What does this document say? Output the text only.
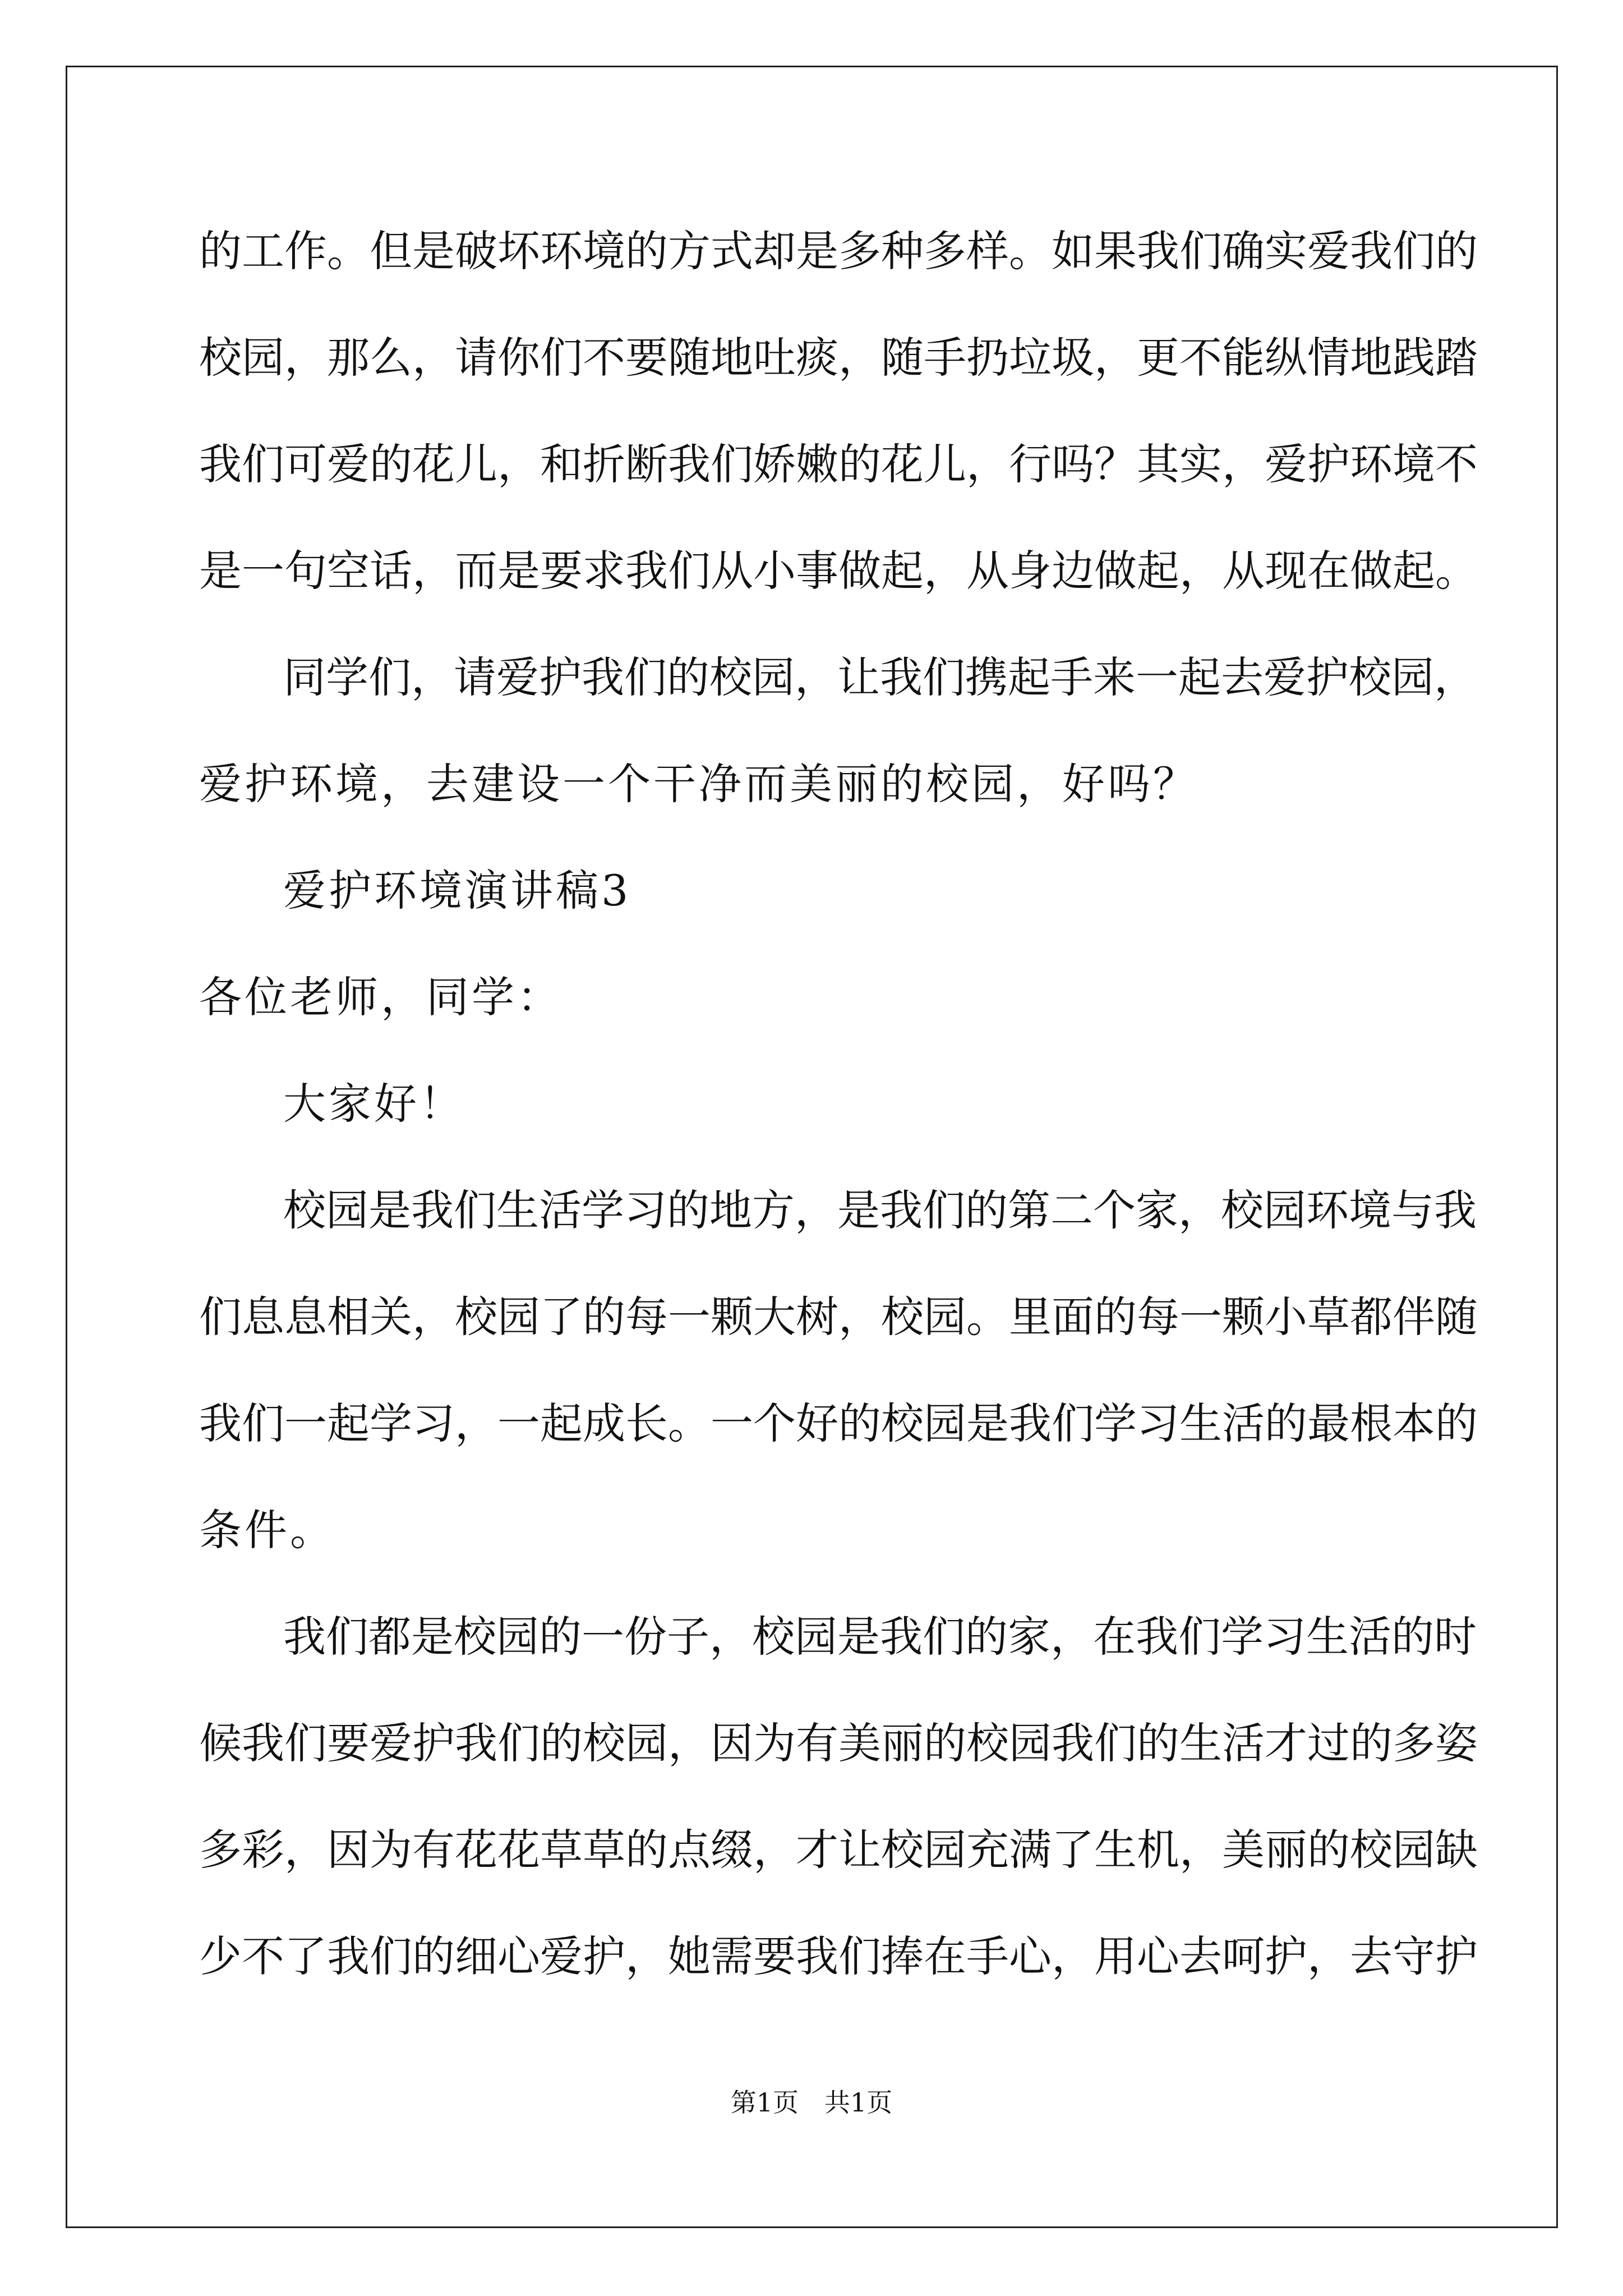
的工作。但是破坏环境的方式却是多种多样。如果我们确实爱我们的
校园，那么，请你们不要随地吐痰，随手扔垃圾，更不能纵情地践踏
我们可爱的花儿，和折断我们娇嫩的花儿，行吗？其实，爱护环境不
是一句空话，而是要求我们从小事做起，从身边做起，从现在做起。
同学们，请爱护我们的校园，让我们携起手来一起去爱护校园，
爱护环境，去建设一个干净而美丽的校园，好吗？
爱护环境演讲稿3
各位老师，同学：
大家好！
校园是我们生活学习的地方，是我们的第二个家，校园环境与我
们息息相关，校园了的每一颗大树，校园。里面的每一颗小草都伴随
我们一起学习，一起成长。一个好的校园是我们学习生活的最根本的
条件。
我们都是校园的一份子，校园是我们的家，在我们学习生活的时
候我们要爱护我们的校园，因为有美丽的校园我们的生活才过的多姿
多彩，因为有花花草草的点缀，才让校园充满了生机，美丽的校园缺
少不了我们的细心爱护，她需要我们捧在手心，用心去呵护，去守护
第1页　共1页
